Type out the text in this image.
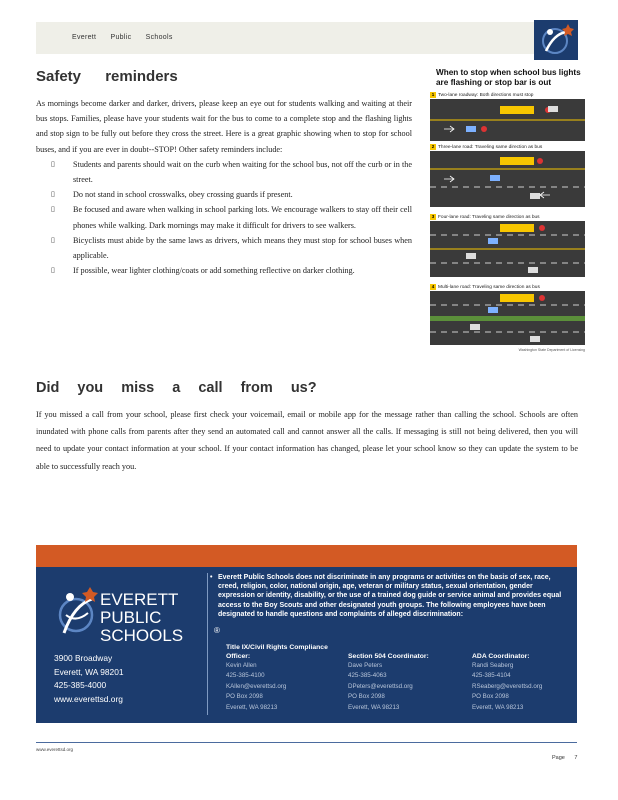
Everett Public Schools
Safety reminders

As mornings become darker and darker, drivers, please keep an eye out for students walking and waiting at their bus stops. Families, please have your students wait for the bus to come to a complete stop and the flashing lights and stop sign to be fully out before they cross the street. Here is a great graphic showing when to stop for school buses, and if you are ever in doubt--STOP! Other safety reminders include:

▯ Students and parents should wait on the curb when waiting for the school bus, not off the curb or in the street.
▯ Do not stand in school crosswalks, obey crossing guards if present.
▯ Be focused and aware when walking in school parking lots. We encourage walkers to stay off their cell phones while walking. Dark mornings may make it difficult for drivers to see walkers.
▯ Bicyclists must abide by the same laws as drivers, which means they must stop for school buses when applicable.
▯ If possible, wear lighter clothing/coats or add something reflective on darker clothing.
When to stop when school bus lights are flashing or stop bar is out
1 Two-lane roadway: Both directions must stop
2 Three-lane road: Traveling same direction as bus
3 Four-lane road: Traveling same direction as bus
4 Multi-lane road: Traveling same direction as bus
Washington State Department of Licensing
Did you miss a call from us?

If you missed a call from your school, please first check your voicemail, email or mobile app for the message rather than calling the school. Schools are often inundated with phone calls from parents after they send an automated call and cannot answer all the calls. If messaging is still not being delivered, then you will need to update your contact information at your school. If your contact information has changed, please let your school know so they can update the system to be able to successfully reach you.

EVERETT
PUBLIC
SCHOOLS	®
3900 Broadway
Everett, WA 98201
425-385-4000
www.everettsd.org
• Everett Public Schools does not discriminate in any programs or activities on the basis of sex, race, creed, religion, color, national origin, age, veteran or military status, sexual orientation, gender expression or identity, disability, or the use of a trained dog guide or service animal and provides equal access to the Boy Scouts and other designated youth groups. The following employees have been designated to handle questions and complaints of alleged discrimination:
Title IX/Civil Rights Compliance Officer:
Kevin Allen
425-385-4100
KAllen@everettsd.org
PO Box 2098
Everett, WA 98213
Section 504 Coordinator:
Dave Peters
425-385-4063
DPeters@everettsd.org
PO Box 2098
Everett, WA 98213
ADA Coordinator:
Randi Seaberg
425-385-4104
RSeaberg@everettsd.org
PO Box 2098
Everett, WA 98213
www.everettsd.org
Page 7
